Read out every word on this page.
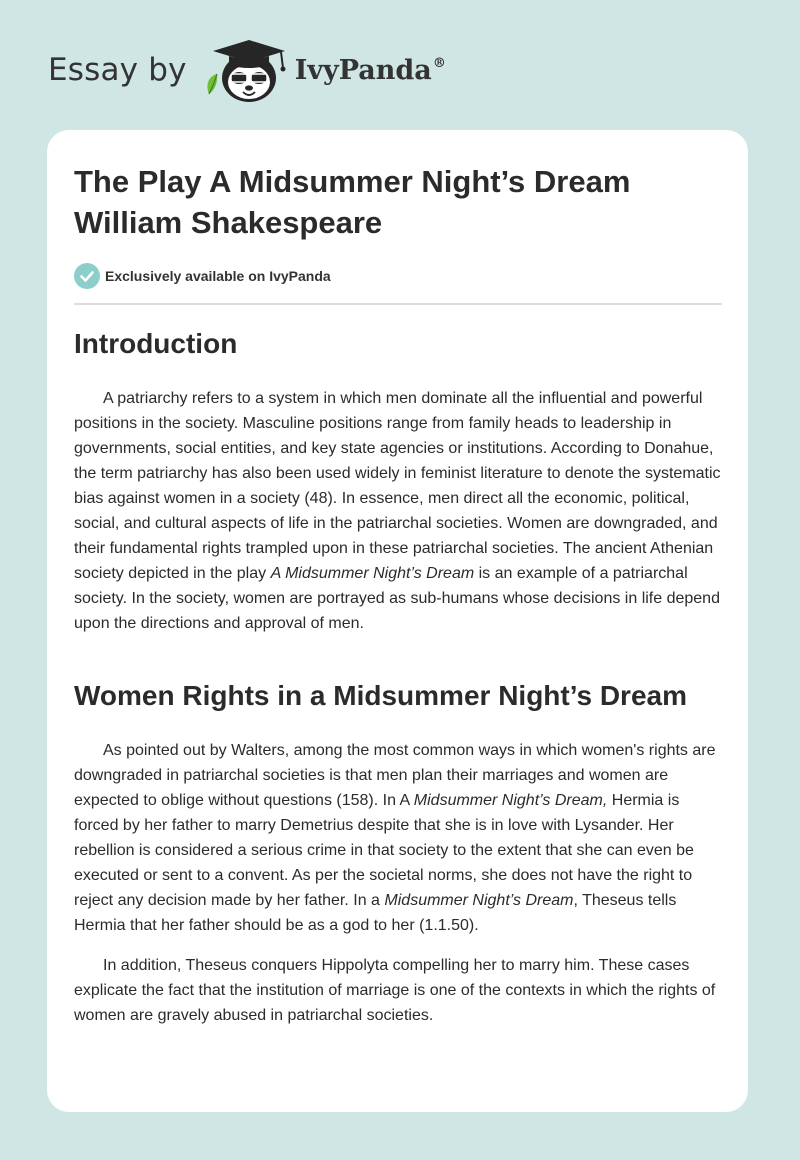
Essay by	IvyPanda ®
The Play A Midsummer Night’s Dream William Shakespeare
Exclusively available on IvyPanda
Introduction

A patriarchy refers to a system in which men dominate all the influential and powerful positions in the society. Masculine positions range from family heads to leadership in governments, social entities, and key state agencies or institutions. According to Donahue, the term patriarchy has also been used widely in feminist literature to denote the systematic bias against women in a society (48). In essence, men direct all the economic, political, social, and cultural aspects of life in the patriarchal societies. Women are downgraded, and their fundamental rights trampled upon in these patriarchal societies. The ancient Athenian society depicted in the play A Midsummer Night’s Dream is an example of a patriarchal society. In the society, women are portrayed as sub-humans whose decisions in life depend upon the directions and approval of men.

Women Rights in a Midsummer Night’s Dream

As pointed out by Walters, among the most common ways in which women's rights are downgraded in patriarchal societies is that men plan their marriages and women are expected to oblige without questions (158). In A Midsummer Night’s Dream, Hermia is forced by her father to marry Demetrius despite that she is in love with Lysander. Her rebellion is considered a serious crime in that society to the extent that she can even be executed or sent to a convent. As per the societal norms, she does not have the right to reject any decision made by her father. In a Midsummer Night’s Dream, Theseus tells Hermia that her father should be as a god to her (1.1.50).

In addition, Theseus conquers Hippolyta compelling her to marry him. These cases explicate the fact that the institution of marriage is one of the contexts in which the rights of women are gravely abused in patriarchal societies.
